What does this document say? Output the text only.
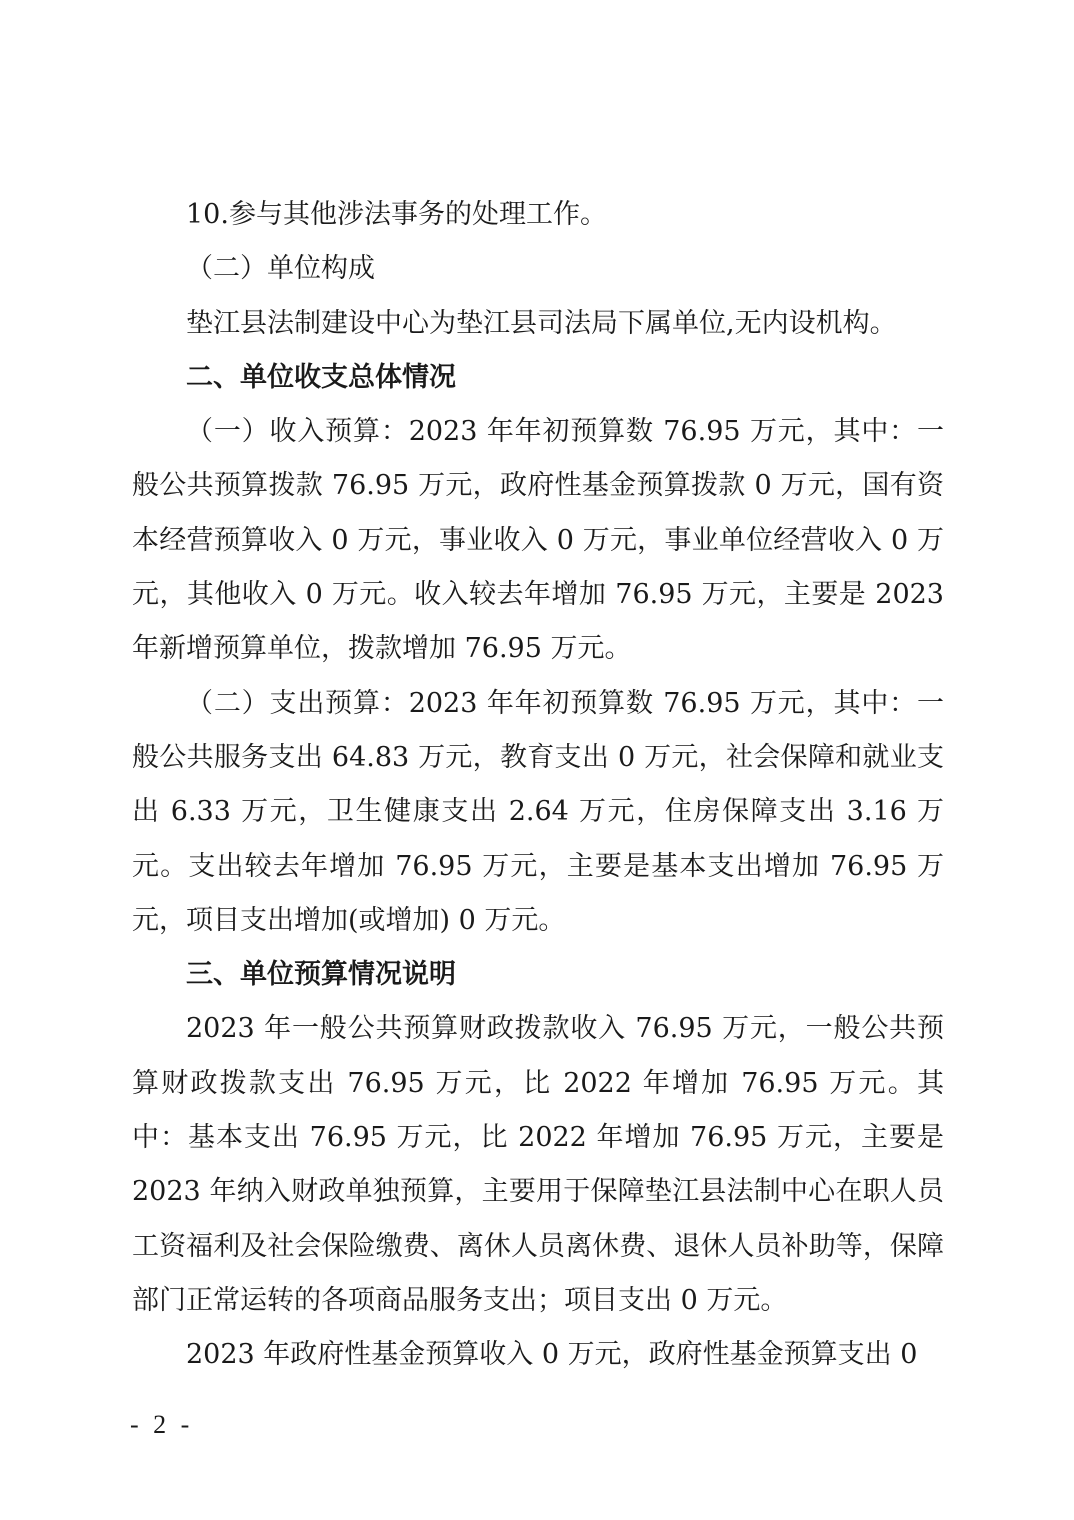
10.参与其他涉法事务的处理工作。

（二）单位构成

垫江县法制建设中心为垫江县司法局下属单位,无内设机构。

二、单位收支总体情况

（一）收入预算：2023 年年初预算数 76.95 万元，其中：一般公共预算拨款 76.95 万元，政府性基金预算拨款 0 万元，国有资本经营预算收入 0 万元，事业收入 0 万元，事业单位经营收入 0 万元，其他收入 0 万元。收入较去年增加 76.95 万元，主要是 2023 年新增预算单位，拨款增加 76.95 万元。

（二）支出预算：2023 年年初预算数 76.95 万元，其中：一般公共服务支出 64.83 万元，教育支出 0 万元，社会保障和就业支出 6.33 万元，卫生健康支出 2.64 万元，住房保障支出 3.16 万元。支出较去年增加 76.95 万元，主要是基本支出增加 76.95 万元，项目支出增加(或增加) 0 万元。

三、单位预算情况说明

2023 年一般公共预算财政拨款收入 76.95 万元，一般公共预算财政拨款支出 76.95 万元，比 2022 年增加 76.95 万元。其中：基本支出 76.95 万元，比 2022 年增加 76.95 万元，主要是 2023 年纳入财政单独预算，主要用于保障垫江县法制中心在职人员工资福利及社会保险缴费、离休人员离休费、退休人员补助等，保障部门正常运转的各项商品服务支出；项目支出 0 万元。

2023 年政府性基金预算收入 0 万元，政府性基金预算支出 0

- 2 -
